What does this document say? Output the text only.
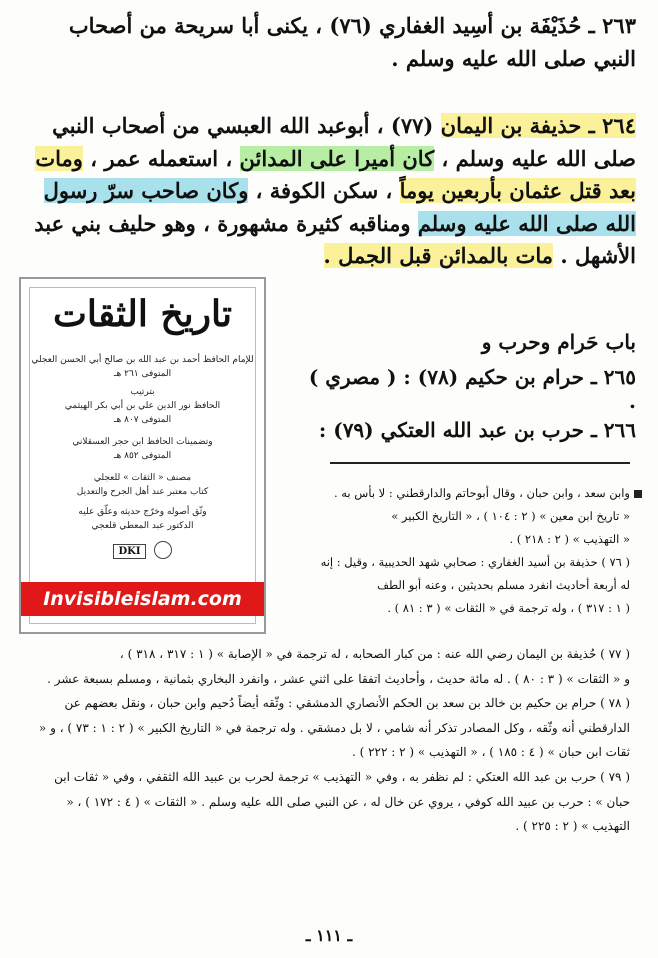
٢٦٣ ـ حُذَيْفَة بن أسِيد الغفاري (٧٦) ، يكنى أبا سريحة من أصحاب النبي صلى الله عليه وسلم .
٢٦٤ ـ حذيفة بن اليمان (٧٧) ، أبوعبد الله العبسي من أصحاب النبي صلى الله عليه وسلم ، كان أميرا على المدائن ، استعمله عمر ، ومات بعد قتل عثمان بأربعين يوماً ، سكن الكوفة ، وكان صاحب سرّ رسول الله صلى الله عليه وسلم ومناقبه كثيرة مشهورة ، وهو حليف بني عبد الأشهل . مات بالمدائن قبل الجمل .
باب حَرام وحرب و
٢٦٥ ـ حرام بن حكيم (٧٨) : ( مصري ) .
٢٦٦ ـ حرب بن عبد الله العتكي (٧٩) :

وابن سعد ، وابن حبان ، وقال أبوحاتم والدارقطني : لا بأس به .

« تاريخ ابن معين » ( ٢ : ١٠٤ ) ، « التاريخ الكبير »

« التهذيب » ( ٢ : ٢١٨ ) .

( ٧٦ ) حذيفة بن أسيد الغفاري : صحابي شهد الحديبية ، وقيل : إنه

له أربعة أحاديث انفرد مسلم بحديثين ، وعنه أبو الطف

( ١ : ٣١٧ ) ، وله ترجمة في « الثقات » ( ٣ : ٨١ ) .

( ٧٧ ) حُذيفة بن اليمان رضي الله عنه : من كبار الصحابه ، له ترجمة في « الإصابة » ( ١ : ٣١٧ ، ٣١٨ ) ،

و « الثقات » ( ٣ : ٨٠ ) . له مائة حديث ، وأحاديث اتفقا على اثني عشر ، وانفرد البخاري بثمانية ، ومسلم بسبعة عشر .

( ٧٨ ) حرام بن حكيم بن خالد بن سعد بن الحكم الأنصاري الدمشقي : وثّقه أيضاً دُحيم وابن حبان ، ونقل بعضهم عن الدارقطني أنه وثّقه ، وكل المصادر تذكر أنه شامي ، لا بل دمشقي . وله ترجمة في « التاريخ الكبير » ( ٢ : ١ : ٧٣ ) ، و « ثقات ابن حبان » ( ٤ : ١٨٥ ) ، « التهذيب » ( ٢ : ٢٢٢ ) .

( ٧٩ ) حرب بن عبد الله العتكي : لم نظفر به ، وفي « التهذيب » ترجمة لحرب بن عبيد الله الثقفي ، وفي « ثقات ابن حبان » : حرب بن عبيد الله كوفي ، يروي عن خال له ، عن النبي صلى الله عليه وسلم . « الثقات » ( ٤ : ١٧٢ ) ، « التهذيب » ( ٢ : ٢٢٥ ) .

ـ ١١١ ـ
تاريخ الثقات
للإمام الحافظ أحمد بن عبد الله بن صالح أبي الحسن العجلي
المتوفى ٢٦١ هـ
بترتيب
الحافظ نور الدين علي بن أبي بكر الهيثمي
المتوفى ٨٠٧ هـ
وتضمينات الحافظ ابن حجر العسقلاني
المتوفى ٨٥٢ هـ
مصنف « الثقات » للعجلي
كتاب معتبر عند أهل الجرح والتعديل
وثّق أصوله وخرّج حديثه وعلّق عليه
الدكتور عبد المعطي قلعجي
DKI
Invisibleislam.com
